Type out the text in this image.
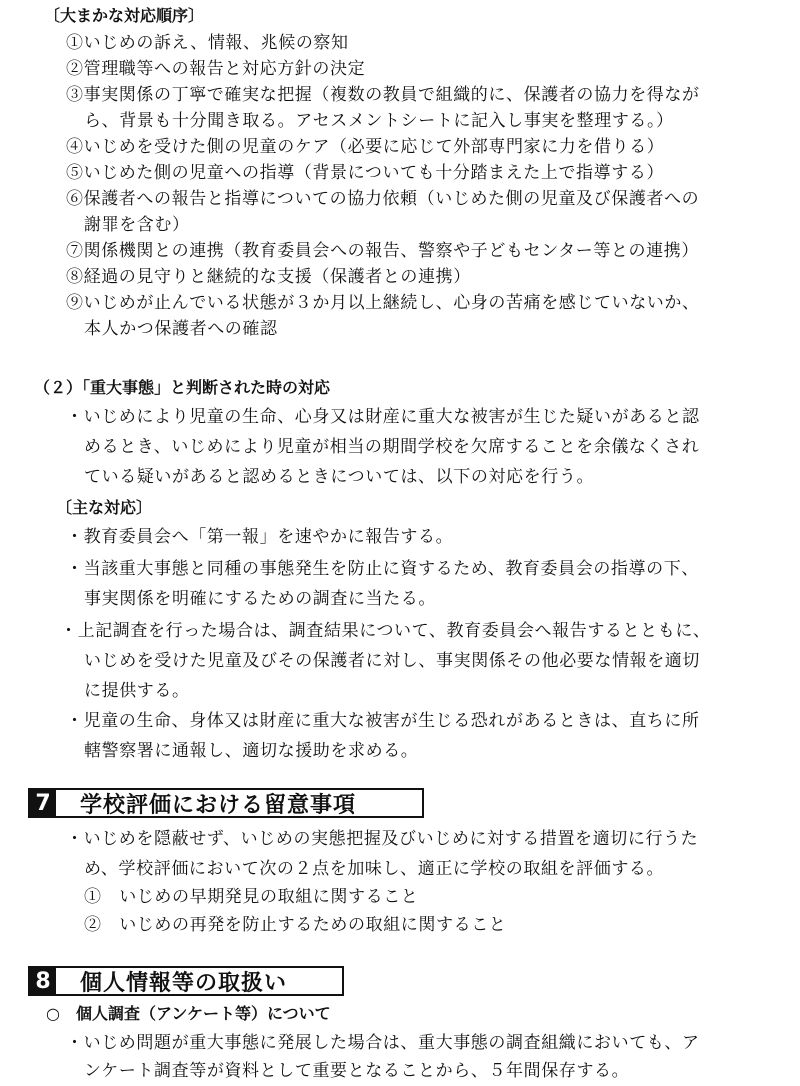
〔大まかな対応順序〕
①いじめの訴え、情報、兆候の察知
②管理職等への報告と対応方針の決定
③事実関係の丁寧で確実な把握（複数の教員で組織的に、保護者の協力を得なが
ら、背景も十分聞き取る。アセスメントシートに記入し事実を整理する。）
④いじめを受けた側の児童のケア（必要に応じて外部専門家に力を借りる）
⑤いじめた側の児童への指導（背景についても十分踏まえた上で指導する）
⑥保護者への報告と指導についての協力依頼（いじめた側の児童及び保護者への
謝罪を含む）
⑦関係機関との連携（教育委員会への報告、警察や子どもセンター等との連携）
⑧経過の見守りと継続的な支援（保護者との連携）
⑨いじめが止んでいる状態が３か月以上継続し、心身の苦痛を感じていないか、
本人かつ保護者への確認
（２）「重大事態」と判断された時の対応
・いじめにより児童の生命、心身又は財産に重大な被害が生じた疑いがあると認
めるとき、いじめにより児童が相当の期間学校を欠席することを余儀なくされ
ている疑いがあると認めるときについては、以下の対応を行う。
〔主な対応〕
・教育委員会へ「第一報」を速やかに報告する。
・当該重大事態と同種の事態発生を防止に資するため、教育委員会の指導の下、
事実関係を明確にするための調査に当たる。
・上記調査を行った場合は、調査結果について、教育委員会へ報告するとともに、
いじめを受けた児童及びその保護者に対し、事実関係その他必要な情報を適切
に提供する。
・児童の生命、身体又は財産に重大な被害が生じる恐れがあるときは、直ちに所
轄警察署に通報し、適切な援助を求める。
7 学校評価における留意事項
・いじめを隠蔽せず、いじめの実態把握及びいじめに対する措置を適切に行うた
め、学校評価において次の２点を加味し、適正に学校の取組を評価する。
①　いじめの早期発見の取組に関すること
②　いじめの再発を防止するための取組に関すること
8 個人情報等の取扱い
○　個人調査（アンケート等）について
・いじめ問題が重大事態に発展した場合は、重大事態の調査組織においても、ア
ンケート調査等が資料として重要となることから、５年間保存する。
